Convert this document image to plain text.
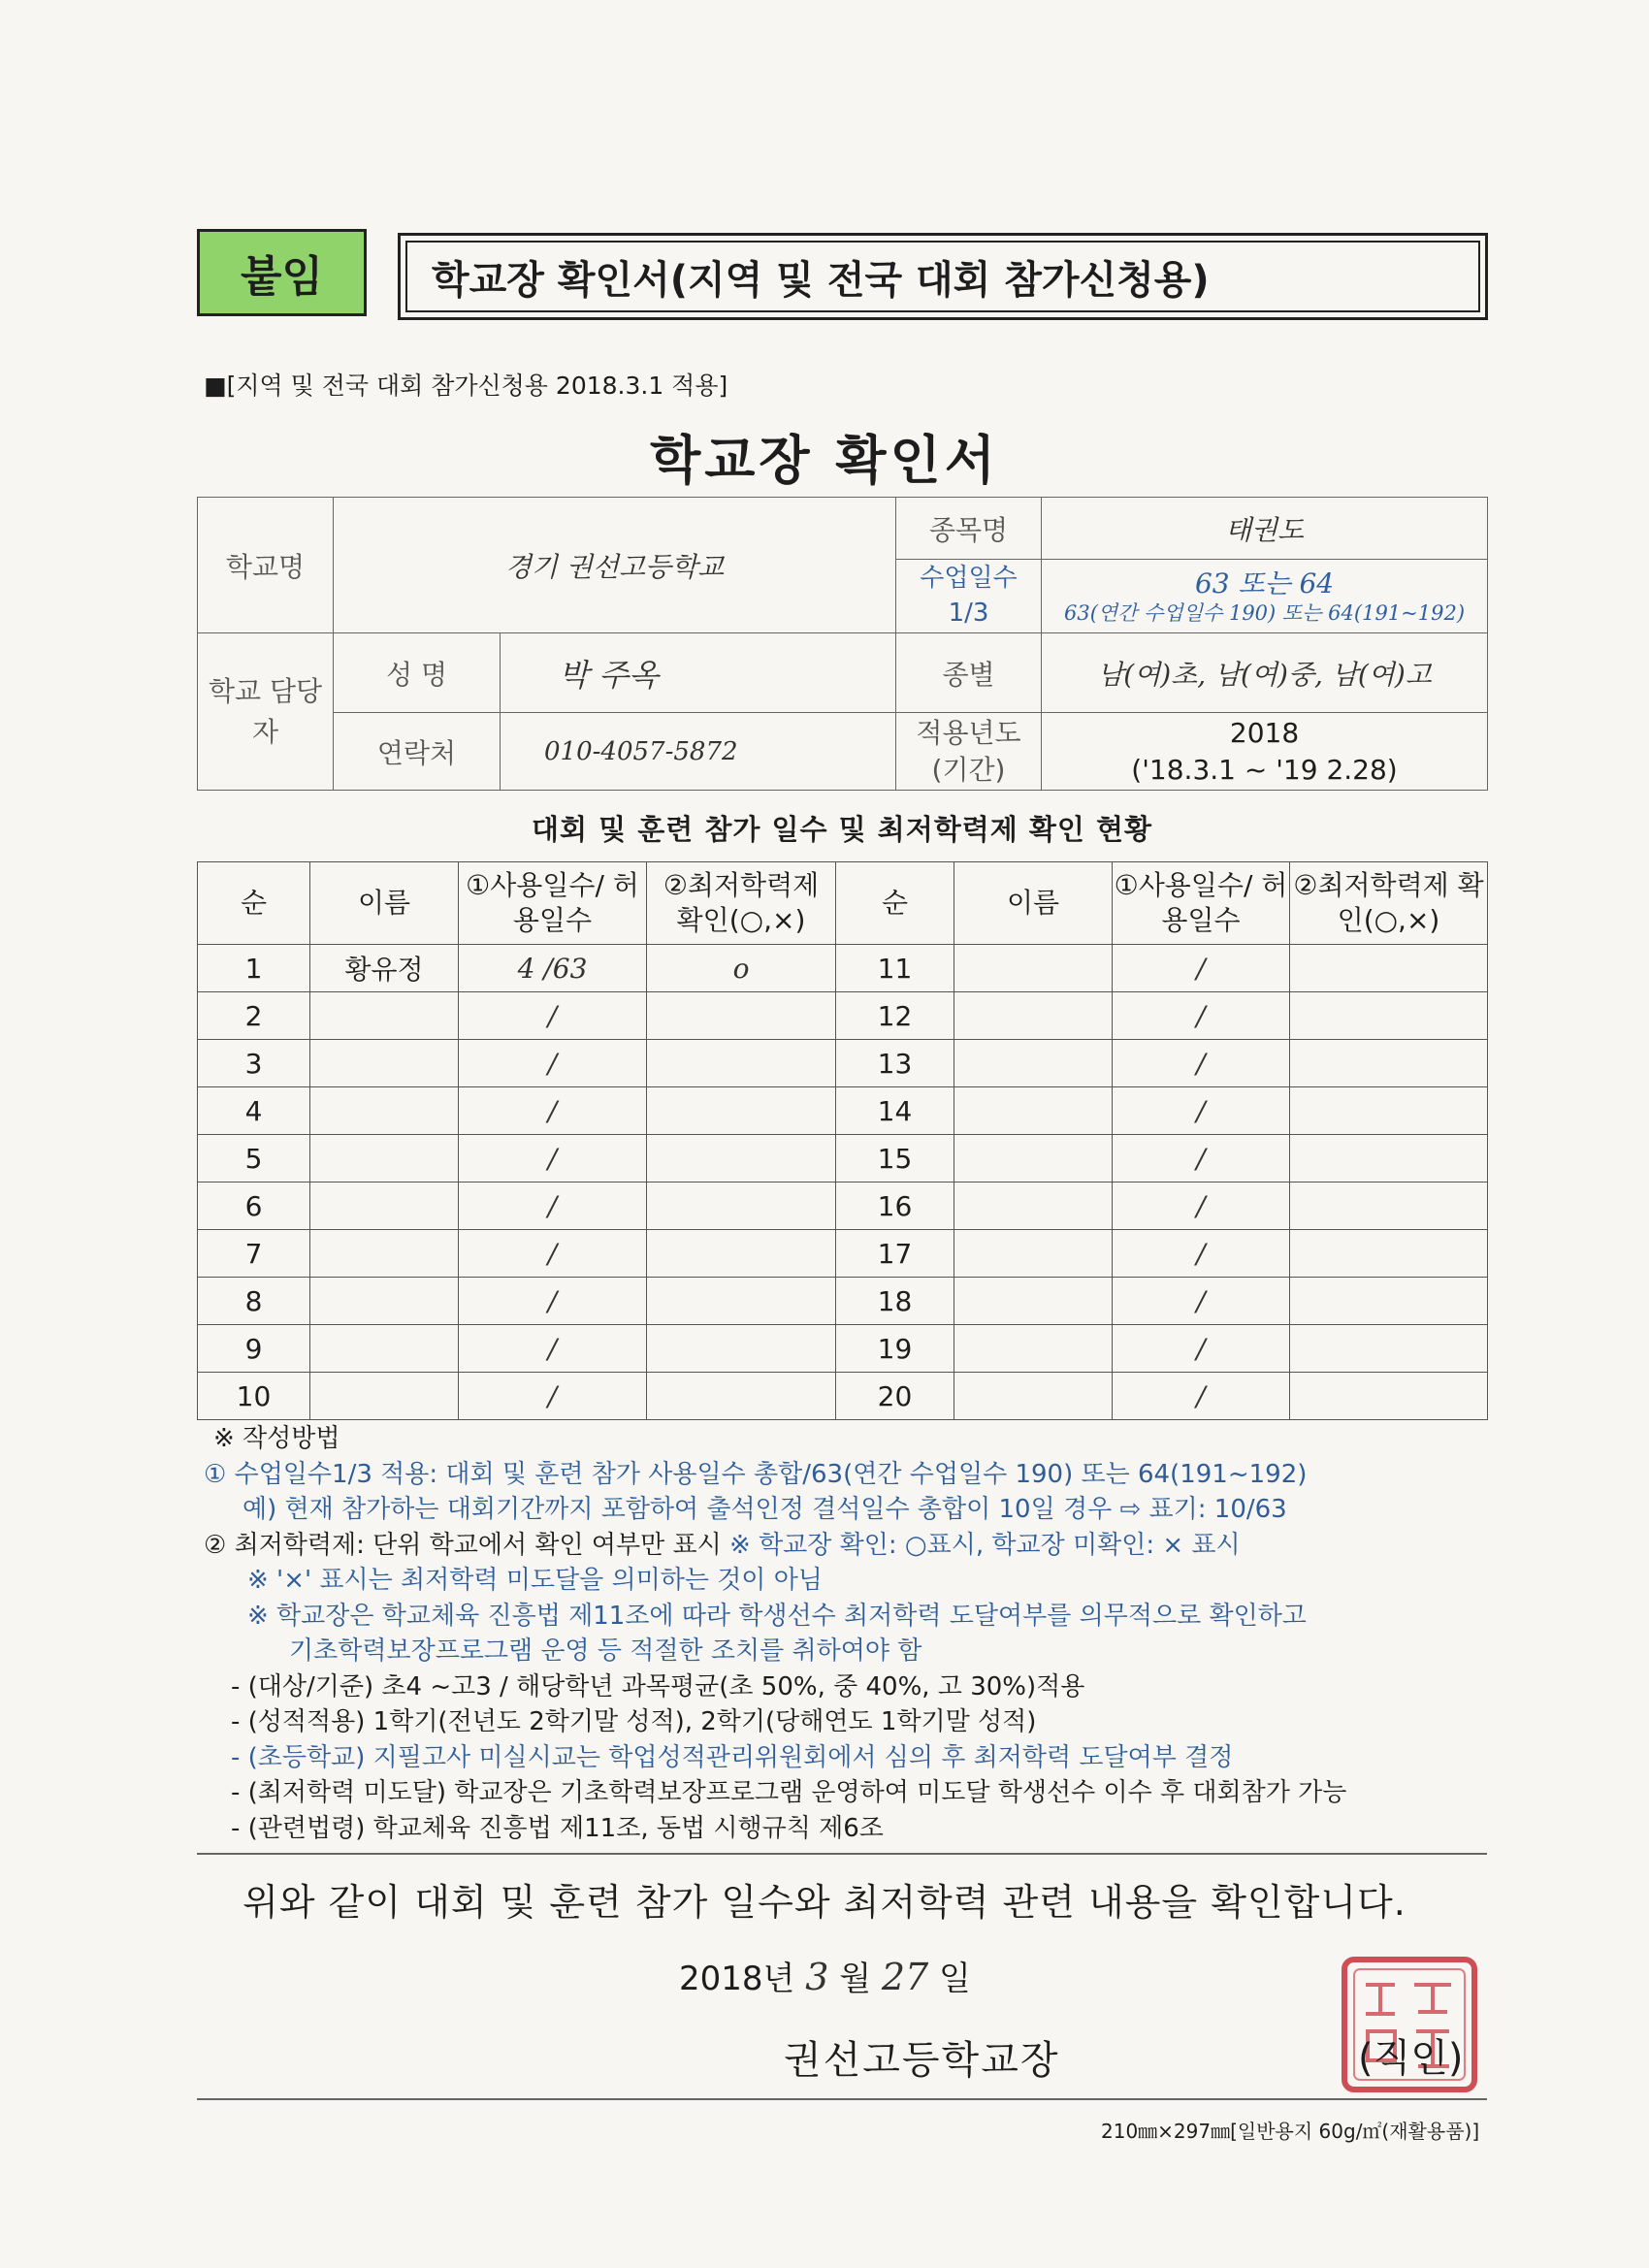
붙임	학교장 확인서(지역 및 전국 대회 참가신청용)
■[지역 및 전국 대회 참가신청용 2018.3.1 적용]
학교장 확인서
학교명	경기 권선고등학교		종목명	태권도
			수업일수 1/3	63 또는 64
63(연간 수업일수 190) 또는 64(191~192)

학교 담당자	성 명	박 주옥	종별	남(여)초, 남(여)중, 남(여)고
	연락처	010-4057-5872	적용년도 (기간)	2018
('18.3.1 ~ '19 2.28)
대회 및 훈련 참가 일수 및 최저학력제 확인 현황
순	이름	①사용일수/ 허용일수	②최저학력제 확인(○,×)	순	이름	①사용일수/ 허용일수	②최저학력제 확인(○,×)
1	황유정	4 /63	o	11		/	
2		/		12		/	
3		/		13		/	
4		/		14		/	
5		/		15		/	
6		/		16		/	
7		/		17		/	
8		/		18		/	
9		/		19		/	
10		/		20		/	
※ 작성방법
① 수업일수1/3 적용: 대회 및 훈련 참가 사용일수 총합/63(연간 수업일수 190) 또는 64(191~192)
예) 현재 참가하는 대회기간까지 포함하여 출석인정 결석일수 총합이 10일 경우 ⇨ 표기: 10/63
② 최저학력제: 단위 학교에서 확인 여부만 표시 ※ 학교장 확인: ○표시, 학교장 미확인: × 표시
※ '×' 표시는 최저학력 미도달을 의미하는 것이 아님
※ 학교장은 학교체육 진흥법 제11조에 따라 학생선수 최저학력 도달여부를 의무적으로 확인하고
기초학력보장프로그램 운영 등 적절한 조치를 취하여야 함
- (대상/기준) 초4 ~고3 / 해당학년 과목평균(초 50%, 중 40%, 고 30%)적용
- (성적적용) 1학기(전년도 2학기말 성적), 2학기(당해연도 1학기말 성적)
- (초등학교) 지필고사 미실시교는 학업성적관리위원회에서 심의 후 최저학력 도달여부 결정
- (최저학력 미도달) 학교장은 기초학력보장프로그램 운영하여 미도달 학생선수 이수 후 대회참가 가능
- (관련법령) 학교체육 진흥법 제11조, 동법 시행규칙 제6조
위와 같이 대회 및 훈련 참가 일수와 최저학력 관련 내용을 확인합니다.
2018년 3 월 27 일
권선고등학교장	(직인)
210㎜×297㎜[일반용지 60g/㎡(재활용품)]
